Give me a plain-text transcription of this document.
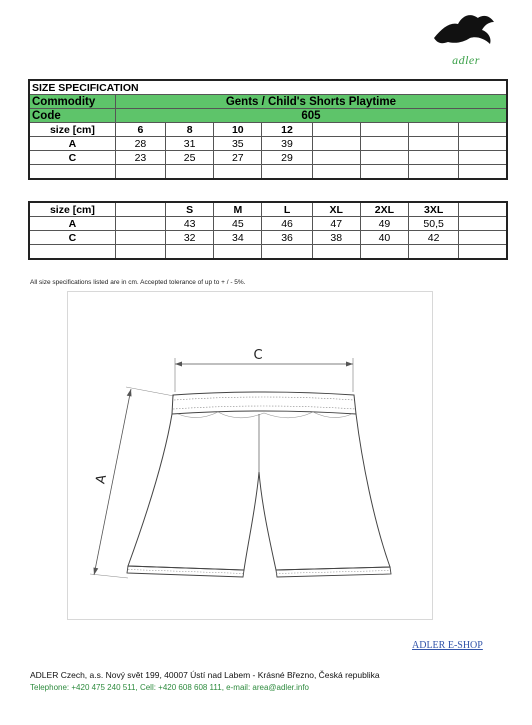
adler
SIZE SPECIFICATION								
Commodity	Gents / Child's Shorts Playtime							
Code	605							
size [cm]	6	8	10	12				
A	28	31	35	39				
C	23	25	27	29				

size [cm]		S	M	L	XL	2XL	3XL	
A		43	45	46	47	49	50,5	
C		32	34	36	38	40	42	

All size specifications listed are in cm. Accepted tolerance of up to + / - 5%.
C
A
ADLER E-SHOP
ADLER Czech, a.s. Nový svět 199, 40007 Ústí nad Labem - Krásné Březno, Česká republika
Telephone: +420 475 240 511, Cell: +420 608 608 111, e-mail: area@adler.info
